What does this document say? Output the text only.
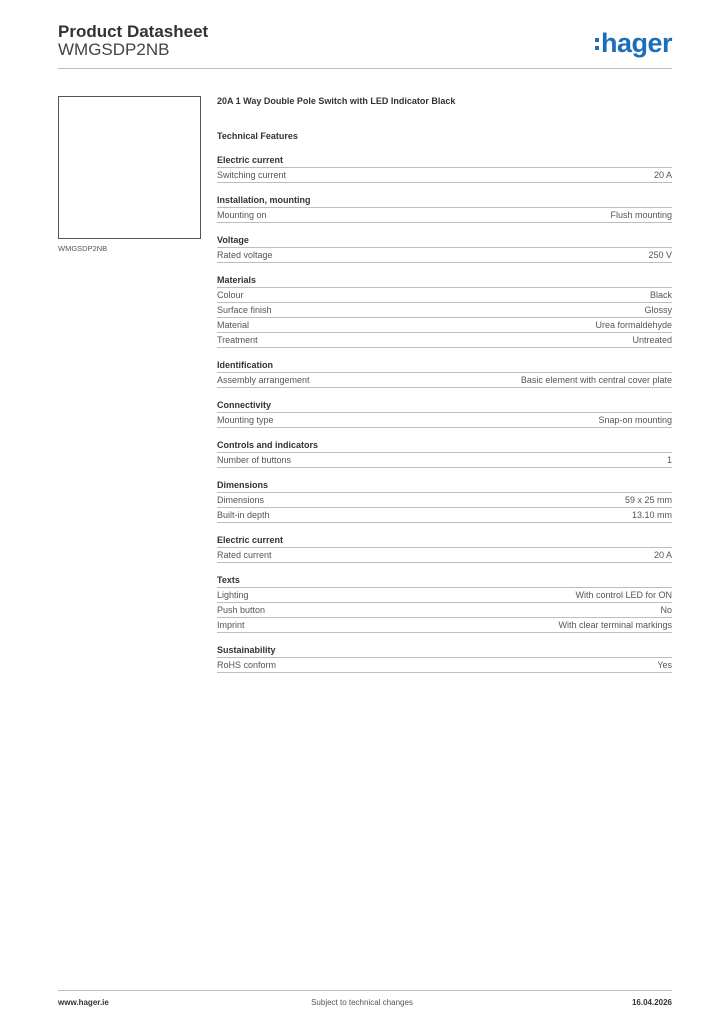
Product Datasheet
WMGSDP2NB	hager
WMGSDP2NB
20A 1 Way Double Pole Switch with LED Indicator Black
Technical Features
Electric current
Switching current	20 A
Installation, mounting
Mounting on	Flush mounting
Voltage
Rated voltage	250 V
Materials
Colour	Black
Surface finish	Glossy
Material	Urea formaldehyde
Treatment	Untreated
Identification
Assembly arrangement	Basic element with central cover plate
Connectivity
Mounting type	Snap-on mounting
Controls and indicators
Number of buttons	1
Dimensions
Dimensions	59 x 25 mm
Built-in depth	13.10 mm
Electric current
Rated current	20 A
Texts
Lighting	With control LED for ON
Push button	No
Imprint	With clear terminal markings
Sustainability
RoHS conform	Yes
www.hager.ie	Subject to technical changes	16.04.2026
